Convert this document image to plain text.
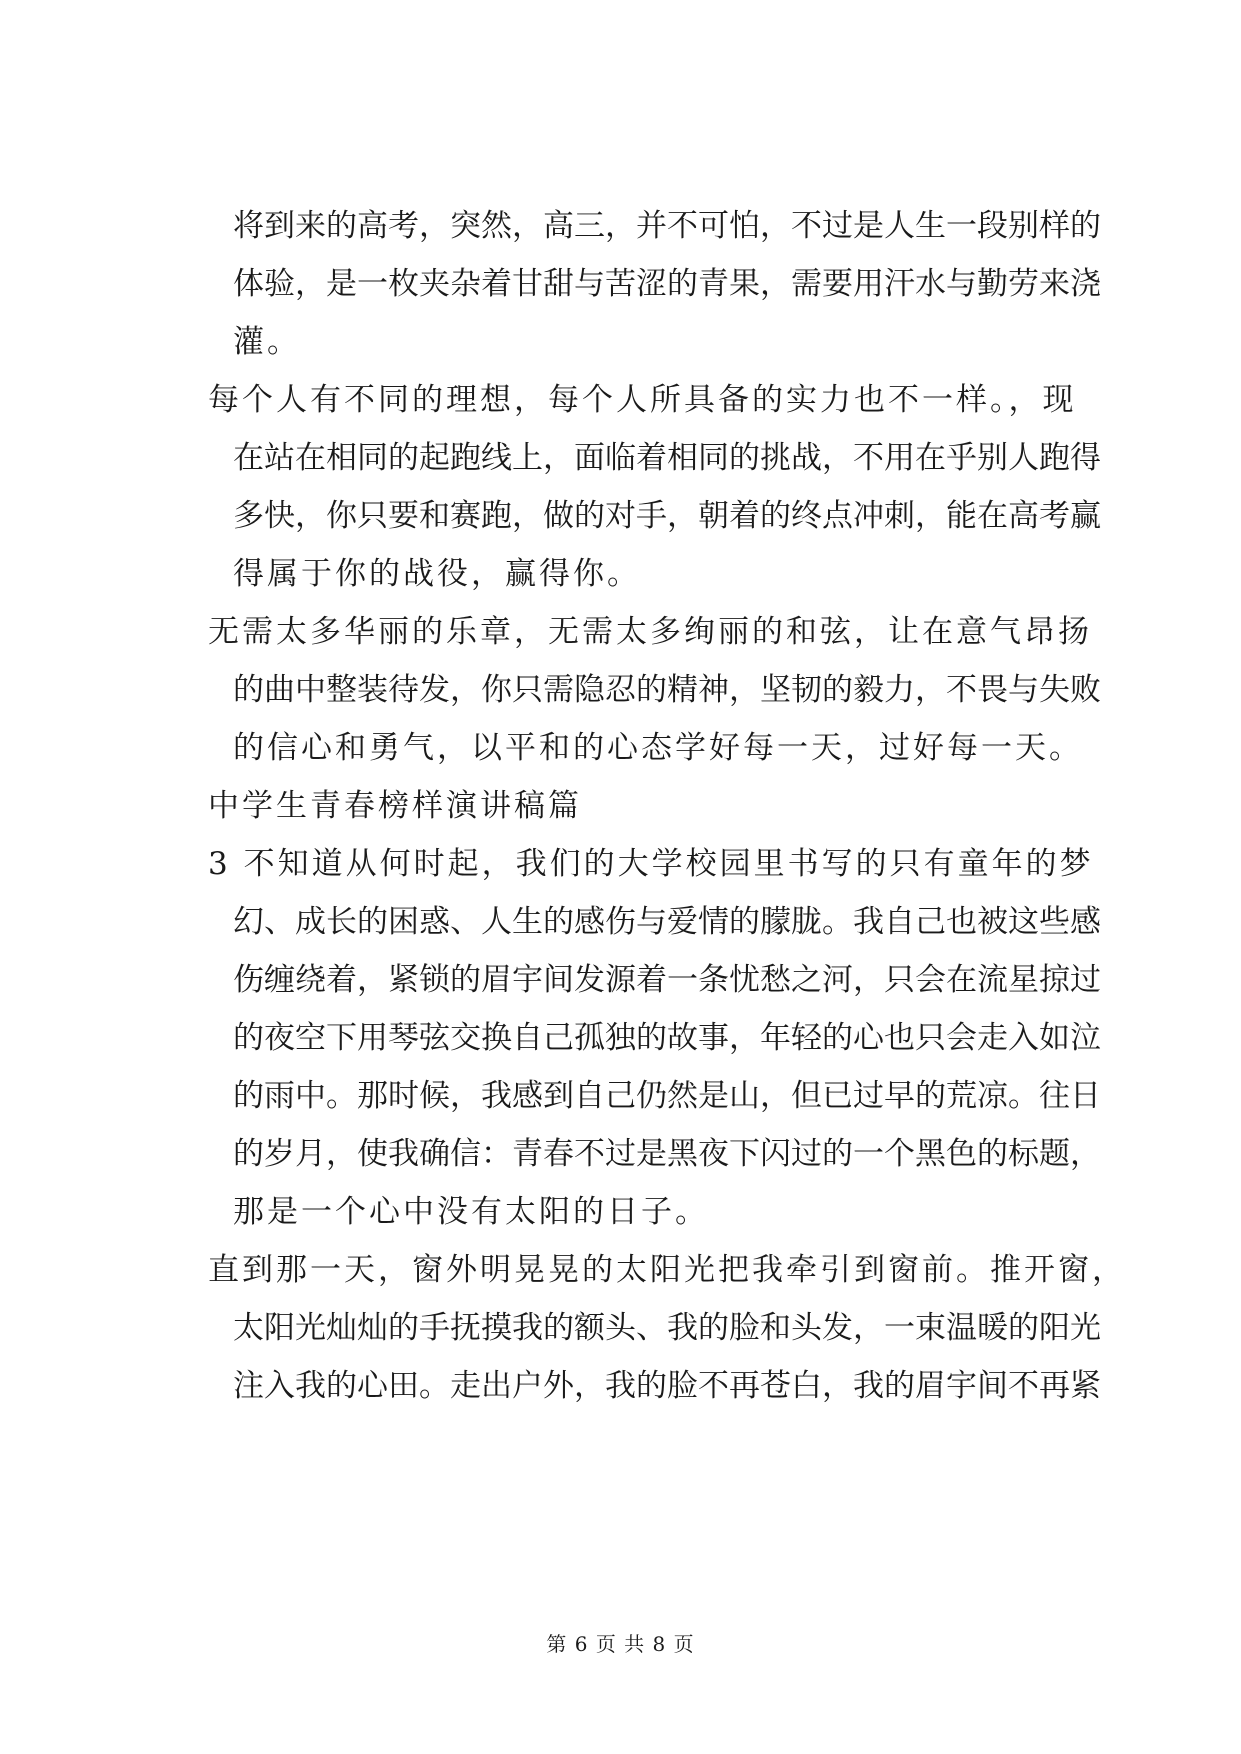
将到来的高考，突然，高三，并不可怕，不过是人生一段别样的
体验，是一枚夹杂着甘甜与苦涩的青果，需要用汗水与勤劳来浇
灌。
每个人有不同的理想，每个人所具备的实力也不一样。，现
在站在相同的起跑线上，面临着相同的挑战，不用在乎别人跑得
多快，你只要和赛跑，做的对手，朝着的终点冲刺，能在高考赢
得属于你的战役，赢得你。
无需太多华丽的乐章，无需太多绚丽的和弦，让在意气昂扬
的曲中整装待发，你只需隐忍的精神，坚韧的毅力，不畏与失败
的信心和勇气，以平和的心态学好每一天，过好每一天。
中学生青春榜样演讲稿篇
3 不知道从何时起，我们的大学校园里书写的只有童年的梦
幻、成长的困惑、人生的感伤与爱情的朦胧。我自己也被这些感
伤缠绕着，紧锁的眉宇间发源着一条忧愁之河，只会在流星掠过
的夜空下用琴弦交换自己孤独的故事，年轻的心也只会走入如泣
的雨中。那时候，我感到自己仍然是山，但已过早的荒凉。往日
的岁月，使我确信：青春不过是黑夜下闪过的一个黑色的标题，
那是一个心中没有太阳的日子。
直到那一天，窗外明晃晃的太阳光把我牵引到窗前。推开窗，
太阳光灿灿的手抚摸我的额头、我的脸和头发，一束温暖的阳光
注入我的心田。走出户外，我的脸不再苍白，我的眉宇间不再紧
第 6 页 共 8 页
